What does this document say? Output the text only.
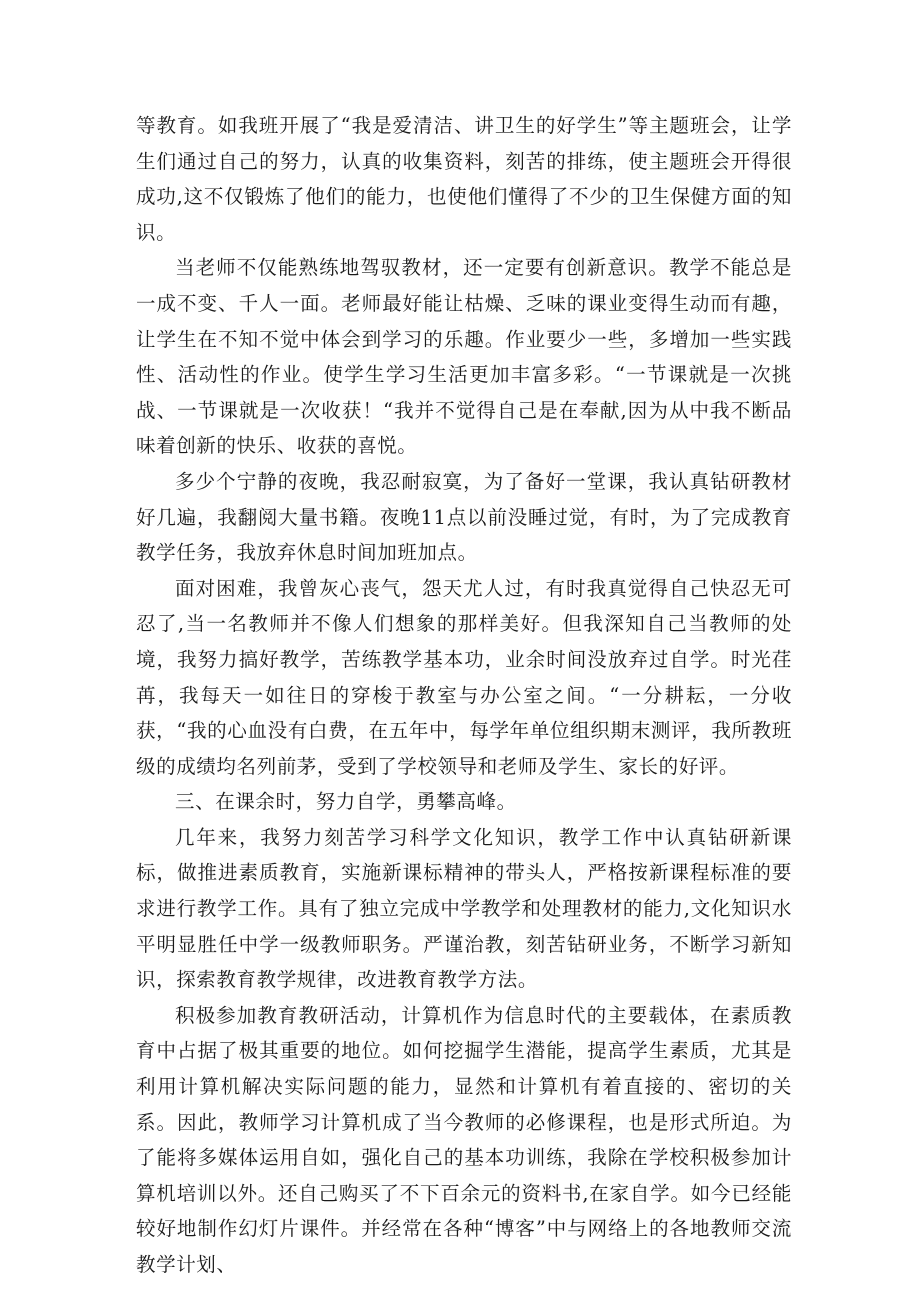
等教育。如我班开展了“我是爱清洁、讲卫生的好学生”等主题班会，让学生们通过自己的努力，认真的收集资料，刻苦的排练，使主题班会开得很成功,这不仅锻炼了他们的能力，也使他们懂得了不少的卫生保健方面的知识。

当老师不仅能熟练地驾驭教材，还一定要有创新意识。教学不能总是一成不变、千人一面。老师最好能让枯燥、乏味的课业变得生动而有趣，让学生在不知不觉中体会到学习的乐趣。作业要少一些，多增加一些实践性、活动性的作业。使学生学习生活更加丰富多彩。“一节课就是一次挑战、一节课就是一次收获！“我并不觉得自己是在奉献,因为从中我不断品味着创新的快乐、收获的喜悦。

多少个宁静的夜晚，我忍耐寂寞，为了备好一堂课，我认真钻研教材好几遍，我翻阅大量书籍。夜晚11点以前没睡过觉，有时，为了完成教育教学任务，我放弃休息时间加班加点。

面对困难，我曾灰心丧气，怨天尤人过，有时我真觉得自己快忍无可忍了,当一名教师并不像人们想象的那样美好。但我深知自己当教师的处境，我努力搞好教学，苦练教学基本功，业余时间没放弃过自学。时光荏苒，我每天一如往日的穿梭于教室与办公室之间。“一分耕耘，一分收获，“我的心血没有白费，在五年中，每学年单位组织期末测评，我所教班级的成绩均名列前茅，受到了学校领导和老师及学生、家长的好评。

三、在课余时，努力自学，勇攀高峰。

几年来，我努力刻苦学习科学文化知识，教学工作中认真钻研新课标，做推进素质教育，实施新课标精神的带头人，严格按新课程标准的要求进行教学工作。具有了独立完成中学教学和处理教材的能力,文化知识水平明显胜任中学一级教师职务。严谨治教，刻苦钻研业务，不断学习新知识，探索教育教学规律，改进教育教学方法。

积极参加教育教研活动，计算机作为信息时代的主要载体，在素质教育中占据了极其重要的地位。如何挖掘学生潜能，提高学生素质，尤其是利用计算机解决实际问题的能力，显然和计算机有着直接的、密切的关系。因此，教师学习计算机成了当今教师的必修课程，也是形式所迫。为了能将多媒体运用自如，强化自己的基本功训练，我除在学校积极参加计算机培训以外。还自己购买了不下百余元的资料书,在家自学。如今已经能较好地制作幻灯片课件。并经常在各种“博客”中与网络上的各地教师交流教学计划、
